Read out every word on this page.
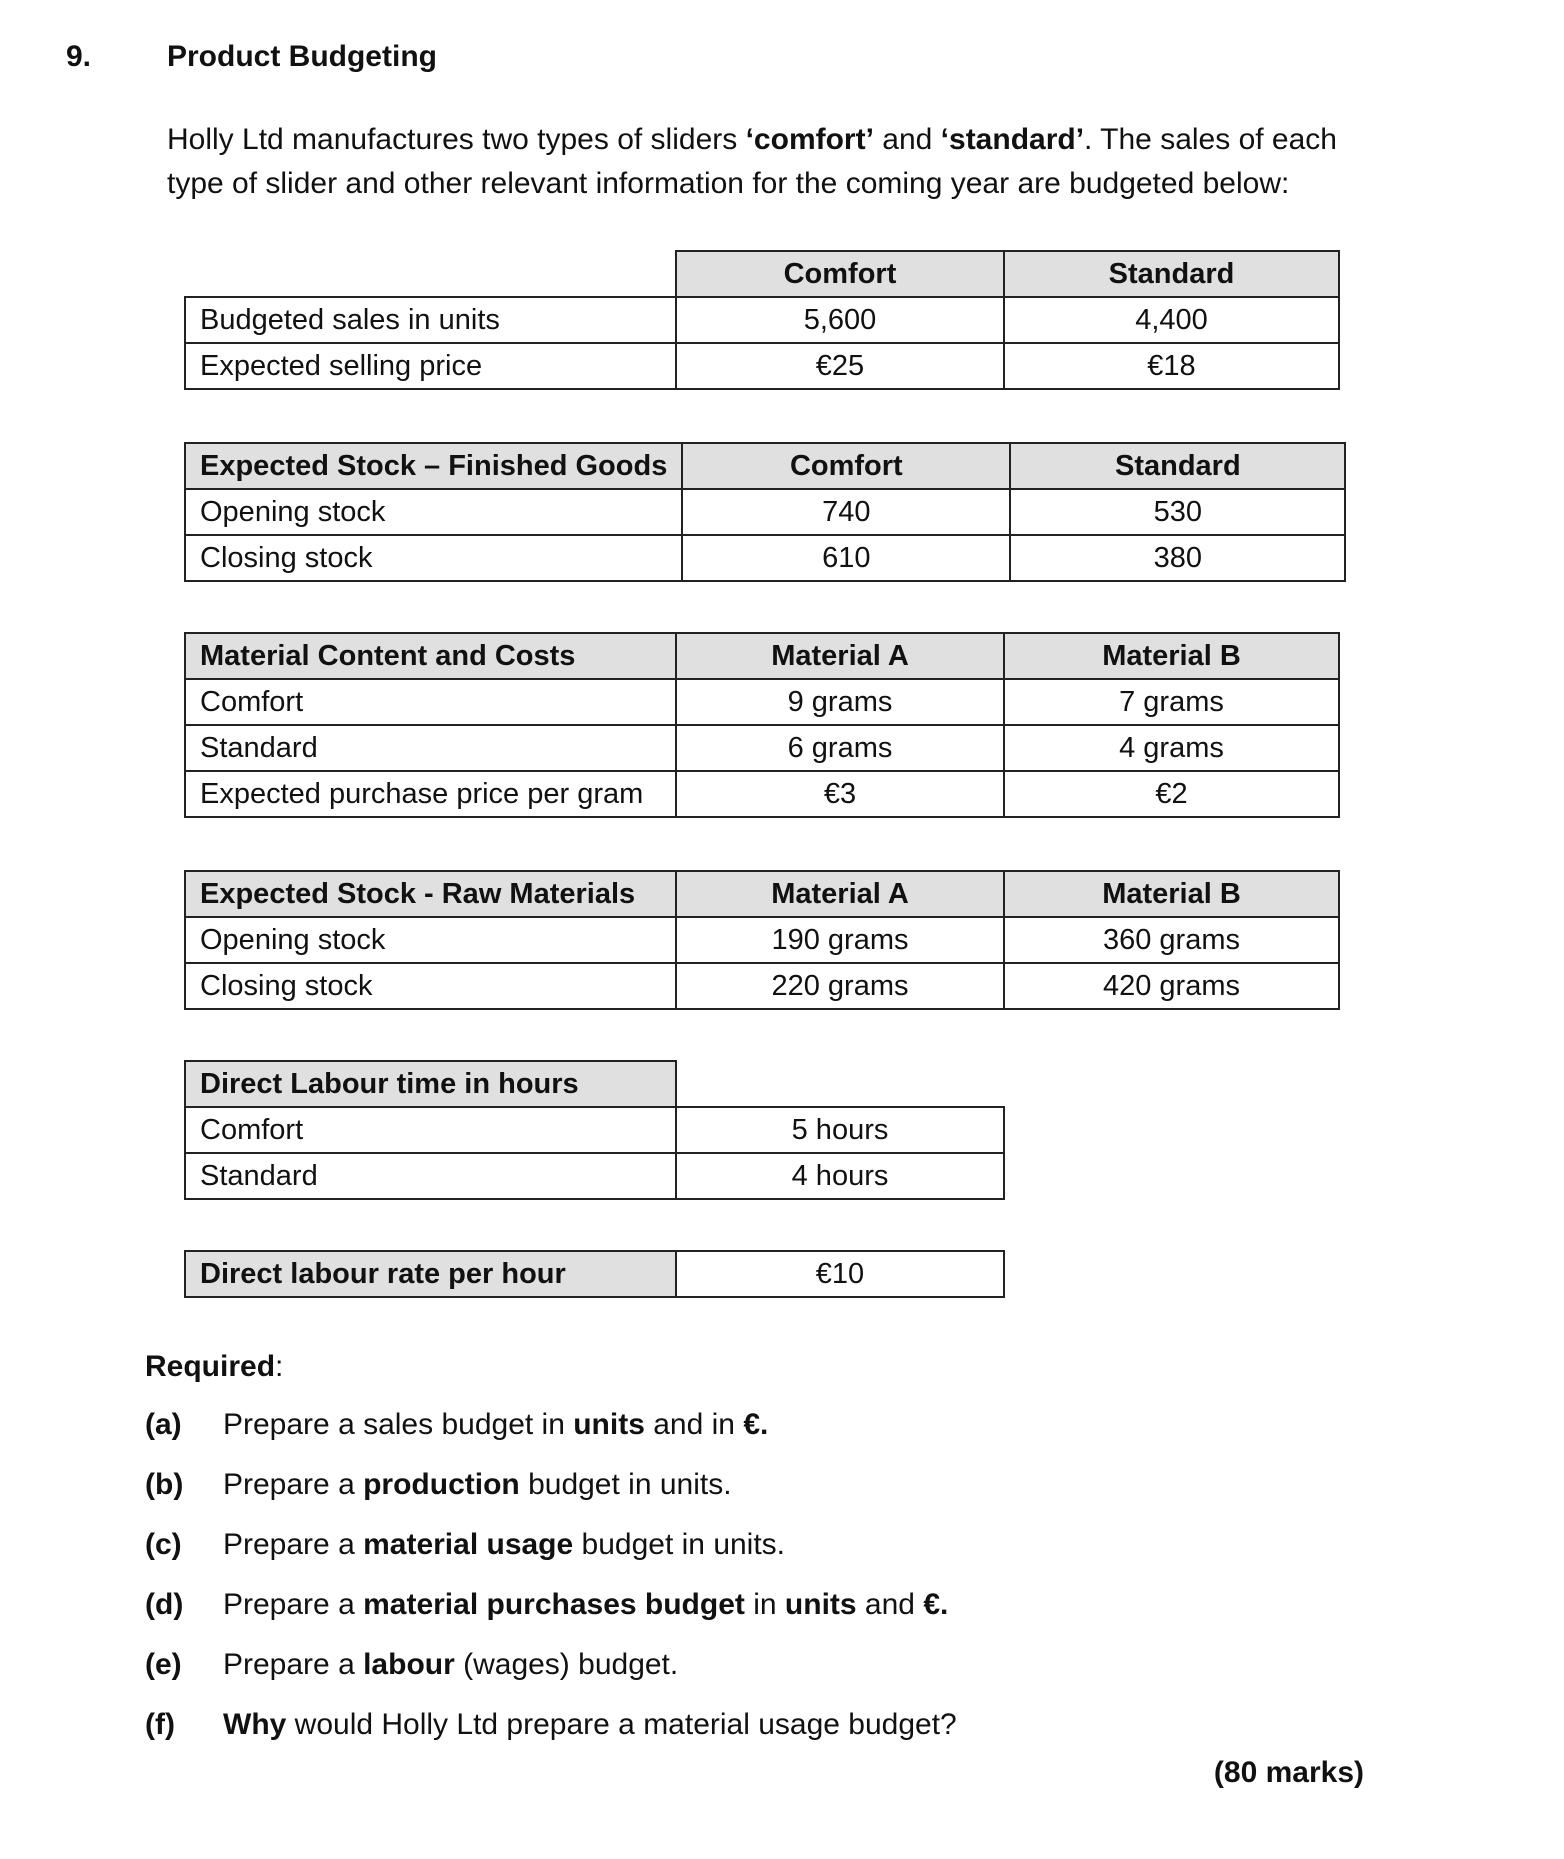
9.	Product Budgeting
Holly Ltd manufactures two types of sliders ‘comfort’ and ‘standard’. The sales of each type of slider and other relevant information for the coming year are budgeted below:
	Comfort	Standard
Budgeted sales in units	5,600	4,400
Expected selling price	€25	€18
Expected Stock – Finished Goods	Comfort	Standard
Opening stock	740	530
Closing stock	610	380
Material Content and Costs	Material A	Material B
Comfort	9 grams	7 grams
Standard	6 grams	4 grams
Expected purchase price per gram	€3	€2
Expected Stock - Raw Materials	Material A	Material B
Opening stock	190 grams	360 grams
Closing stock	220 grams	420 grams
Direct Labour time in hours	
Comfort	5 hours
Standard	4 hours
Direct labour rate per hour	€10
Required:
(a)	Prepare a sales budget in units and in €.
(b)	Prepare a production budget in units.
(c)	Prepare a material usage budget in units.
(d)	Prepare a material purchases budget in units and €.
(e)	Prepare a labour (wages) budget.
(f)	Why would Holly Ltd prepare a material usage budget?
(80 marks)
